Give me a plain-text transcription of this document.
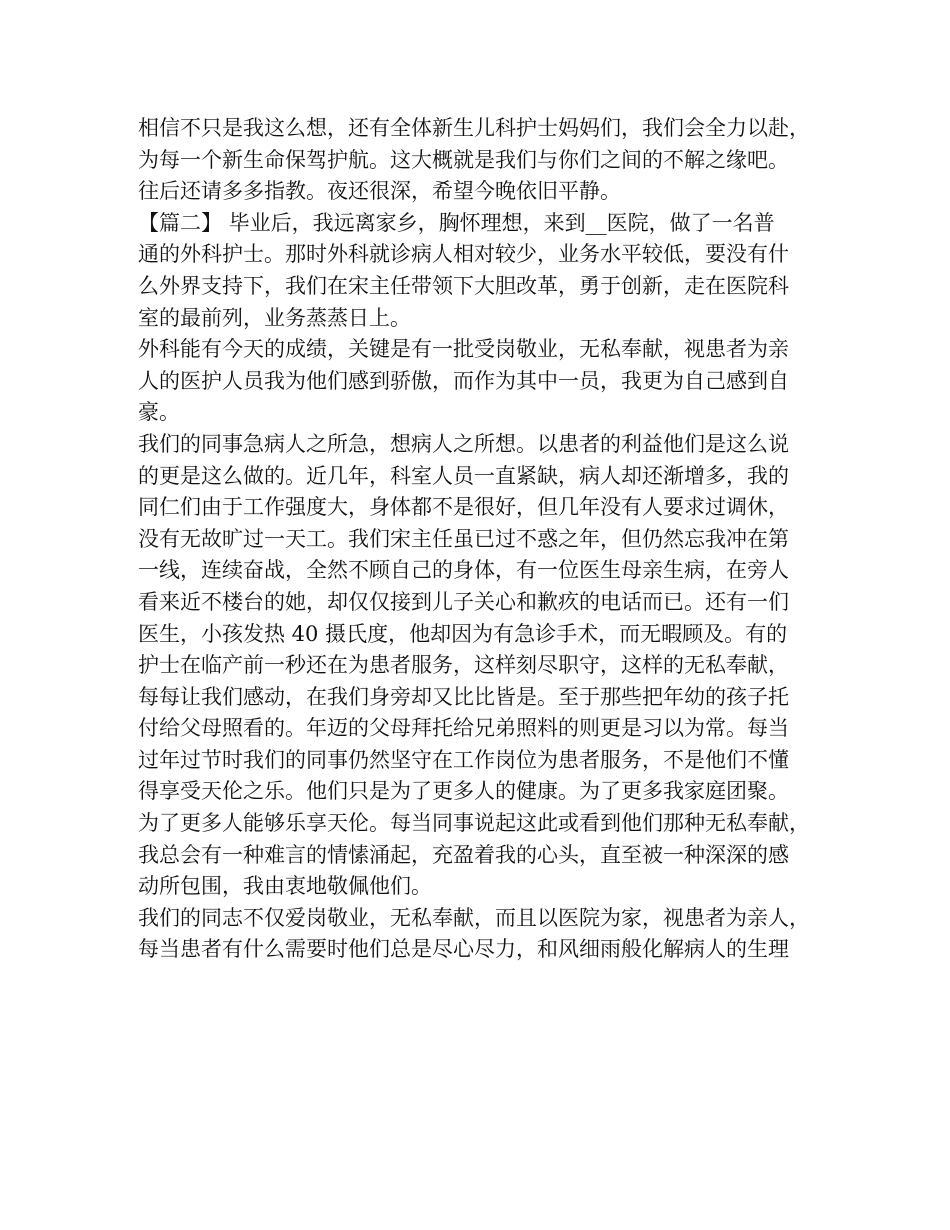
相信不只是我这么想，还有全体新生儿科护士妈妈们，我们会全力以赴，
为每一个新生命保驾护航。这大概就是我们与你们之间的不解之缘吧。
往后还请多多指教。夜还很深，希望今晚依旧平静。
【篇二】 毕业后，我远离家乡，胸怀理想，来到__医院，做了一名普
通的外科护士。那时外科就诊病人相对较少，业务水平较低，要没有什
么外界支持下，我们在宋主任带领下大胆改革，勇于创新，走在医院科
室的最前列，业务蒸蒸日上。
外科能有今天的成绩，关键是有一批受岗敬业，无私奉献，视患者为亲
人的医护人员我为他们感到骄傲，而作为其中一员，我更为自己感到自
豪。
我们的同事急病人之所急，想病人之所想。以患者的利益他们是这么说
的更是这么做的。近几年，科室人员一直紧缺，病人却还渐增多，我的
同仁们由于工作强度大，身体都不是很好，但几年没有人要求过调休，
没有无故旷过一天工。我们宋主任虽已过不惑之年，但仍然忘我冲在第
一线，连续奋战，全然不顾自己的身体，有一位医生母亲生病，在旁人
看来近不楼台的她，却仅仅接到儿子关心和歉疚的电话而已。还有一们
医生，小孩发热 40 摄氏度，他却因为有急诊手术，而无暇顾及。有的
护士在临产前一秒还在为患者服务，这样刻尽职守，这样的无私奉献，
每每让我们感动，在我们身旁却又比比皆是。至于那些把年幼的孩子托
付给父母照看的。年迈的父母拜托给兄弟照料的则更是习以为常。每当
过年过节时我们的同事仍然坚守在工作岗位为患者服务，不是他们不懂
得享受天伦之乐。他们只是为了更多人的健康。为了更多我家庭团聚。
为了更多人能够乐享天伦。每当同事说起这此或看到他们那种无私奉献，
我总会有一种难言的情愫涌起，充盈着我的心头，直至被一种深深的感
动所包围，我由衷地敬佩他们。
我们的同志不仅爱岗敬业，无私奉献，而且以医院为家，视患者为亲人，
每当患者有什么需要时他们总是尽心尽力，和风细雨般化解病人的生理
